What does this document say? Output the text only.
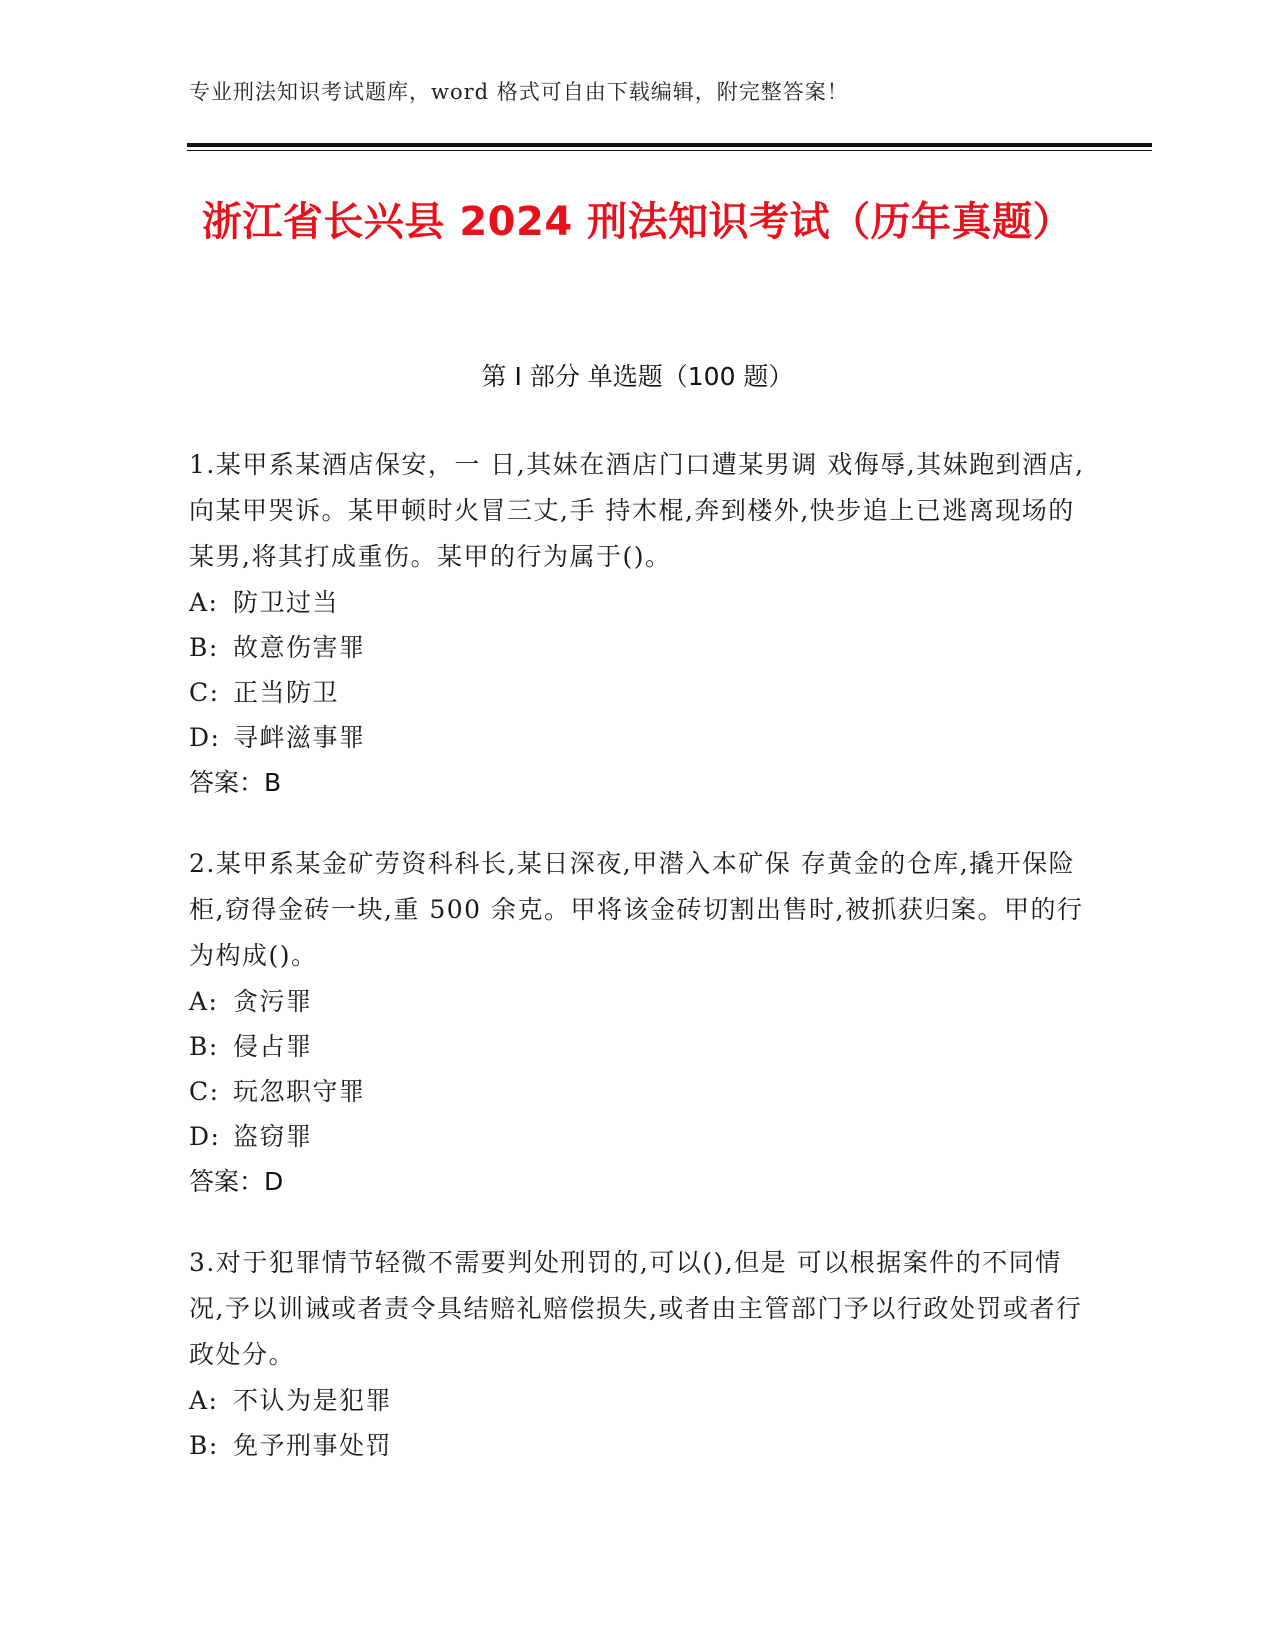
专业刑法知识考试题库，word 格式可自由下载编辑，附完整答案！
浙江省长兴县 2024 刑法知识考试（历年真题）
第 I 部分 单选题（100 题）

1.某甲系某酒店保安，一 日,其妹在酒店门口遭某男调 戏侮辱,其妹跑到酒店,向某甲哭诉。某甲顿时火冒三丈,手 持木棍,奔到楼外,快步追上已逃离现场的某男,将其打成重伤。某甲的行为属于()。

A: 防卫过当
B: 故意伤害罪
C: 正当防卫
D: 寻衅滋事罪
答案：B

2.某甲系某金矿劳资科科长,某日深夜,甲潜入本矿保 存黄金的仓库,撬开保险柜,窃得金砖一块,重 500 余克。甲将该金砖切割出售时,被抓获归案。甲的行为构成()。

A: 贪污罪
B: 侵占罪
C: 玩忽职守罪
D: 盗窃罪
答案：D

3.对于犯罪情节轻微不需要判处刑罚的,可以(),但是 可以根据案件的不同情况,予以训诫或者责令具结赔礼赔偿损失,或者由主管部门予以行政处罚或者行政处分。

A: 不认为是犯罪
B: 免予刑事处罚
